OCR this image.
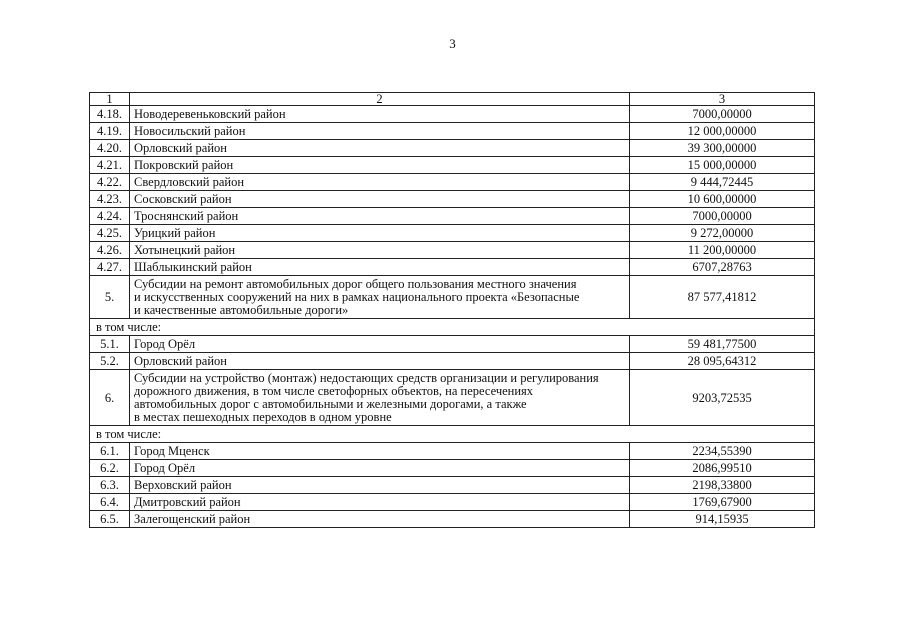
3
1	2	3
4.18.	Новодеревеньковский район	7000,00000
4.19.	Новосильский район	12 000,00000
4.20.	Орловский район	39 300,00000
4.21.	Покровский район	15 000,00000
4.22.	Свердловский район	9 444,72445
4.23.	Сосковский район	10 600,00000
4.24.	Троснянский район	7000,00000
4.25.	Урицкий район	9 272,00000
4.26.	Хотынецкий район	11 200,00000
4.27.	Шаблыкинский район	6707,28763
5.	Субсидии на ремонт автомобильных дорог общего пользования местного значения
и искусственных сооружений на них в рамках национального проекта «Безопасные
и качественные автомобильные дороги»	87 577,41812
в том числе:		
5.1.	Город Орёл	59 481,77500
5.2.	Орловский район	28 095,64312
6.	Субсидии на устройство (монтаж) недостающих средств организации и регулирования
дорожного движения, в том числе светофорных объектов, на пересечениях
автомобильных дорог с автомобильными и железными дорогами, а также
в местах пешеходных переходов в одном уровне	9203,72535
в том числе:		
6.1.	Город Мценск	2234,55390
6.2.	Город Орёл	2086,99510
6.3.	Верховский район	2198,33800
6.4.	Дмитровский район	1769,67900
6.5.	Залегощенский район	914,15935
